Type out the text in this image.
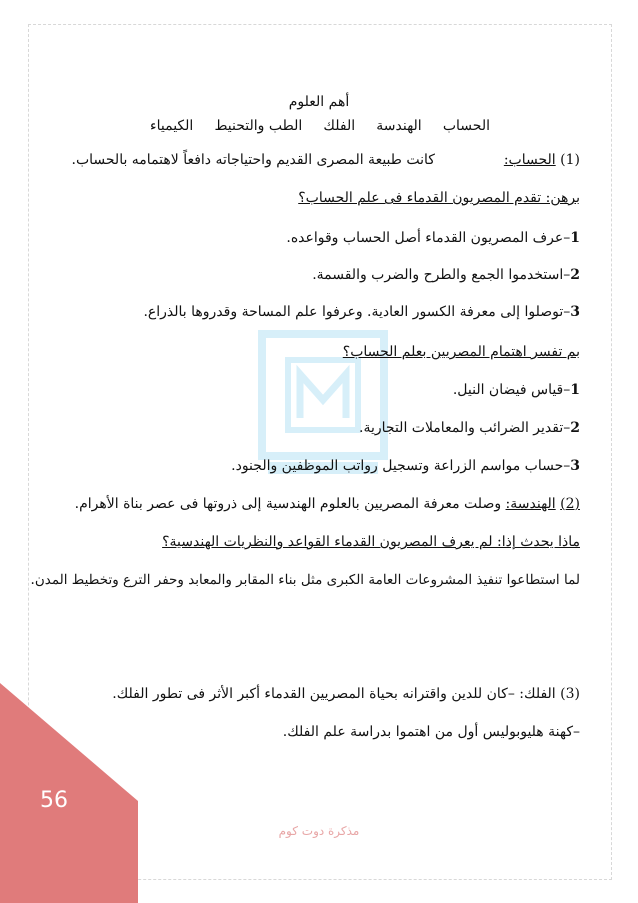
أهم العلوم
الحساب
الهندسة
الفلك
الطب والتحنيط
الكيمياء
(1) الحساب:  كانت طبيعة المصرى القديم واحتياجاته دافعاً لاهتمامه بالحساب.
برهن: تقدم المصريون القدماء فى علم الحساب؟
1–عرف المصريون القدماء أصل الحساب وقواعده.
2–استخدموا الجمع والطرح والضرب والقسمة.
3–توصلوا إلى معرفة الكسور العادية. وعرفوا علم المساحة وقدروها بالذراع.
بم تفسر اهتمام المصريين بعلم الحساب؟
1–قياس فيضان النيل.
2–تقدير الضرائب والمعاملات التجارية.
3–حساب مواسم الزراعة وتسجيل رواتب الموظفين والجنود.
(2) الهندسة: وصلت معرفة المصريين بالعلوم الهندسية إلى ذروتها فى عصر بناة الأهرام.
ماذا يحدث إذا: لم يعرف المصريون القدماء القواعد والنظريات الهندسية؟
لما استطاعوا تنفيذ المشروعات العامة الكبرى مثل بناء المقابر والمعابد وحفر الترع وتخطيط المدن.
(3) الفلك: –كان للدين واقترانه بحياة المصريين القدماء أكبر الأثر فى تطور الفلك.
–كهنة هليوبوليس أول من اهتموا بدراسة علم الفلك.
56
مذكرة دوت كوم
